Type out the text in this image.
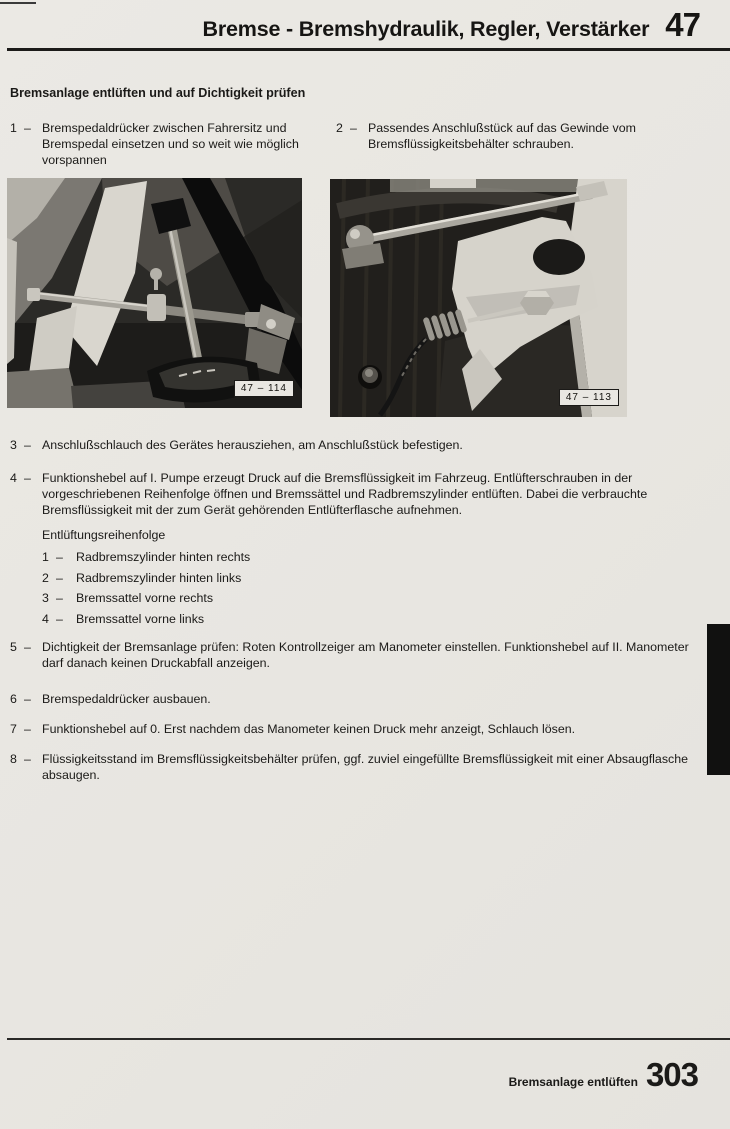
Bremse - Bremshydraulik, Regler, Verstärker 47
Bremsanlage entlüften und auf Dichtigkeit prüfen
1 – Bremspedaldrücker zwischen Fahrersitz und Bremspedal einsetzen und so weit wie möglich vorspannen
2 – Passendes Anschlußstück auf das Gewinde vom Bremsflüssigkeitsbehälter schrauben.
47 – 114
47 – 113
3 – Anschlußschlauch des Gerätes herausziehen, am Anschlußstück befestigen.
4 – Funktionshebel auf I. Pumpe erzeugt Druck auf die Bremsflüssigkeit im Fahrzeug. Entlüfterschrauben in der vorgeschriebenen Reihenfolge öffnen und Bremssättel und Radbremszylinder entlüften. Dabei die verbrauchte Bremsflüssigkeit mit der zum Gerät gehörenden Entlüfterflasche aufnehmen.
Entlüftungsreihenfolge
1 –	Radbremszylinder hinten rechts
2 –	Radbremszylinder hinten links
3 –	Bremssattel vorne rechts
4 –	Bremssattel vorne links
5 – Dichtigkeit der Bremsanlage prüfen: Roten Kontrollzeiger am Manometer einstellen. Funktionshebel auf II. Manometer darf danach keinen Druckabfall anzeigen.
6 – Bremspedaldrücker ausbauen.
7 – Funktionshebel auf 0. Erst nachdem das Manometer keinen Druck mehr anzeigt, Schlauch lösen.
8 – Flüssigkeitsstand im Bremsflüssigkeitsbehälter prüfen, ggf. zuviel eingefüllte Bremsflüssigkeit mit einer Absaugflasche absaugen.
Bremsanlage entlüften 303
